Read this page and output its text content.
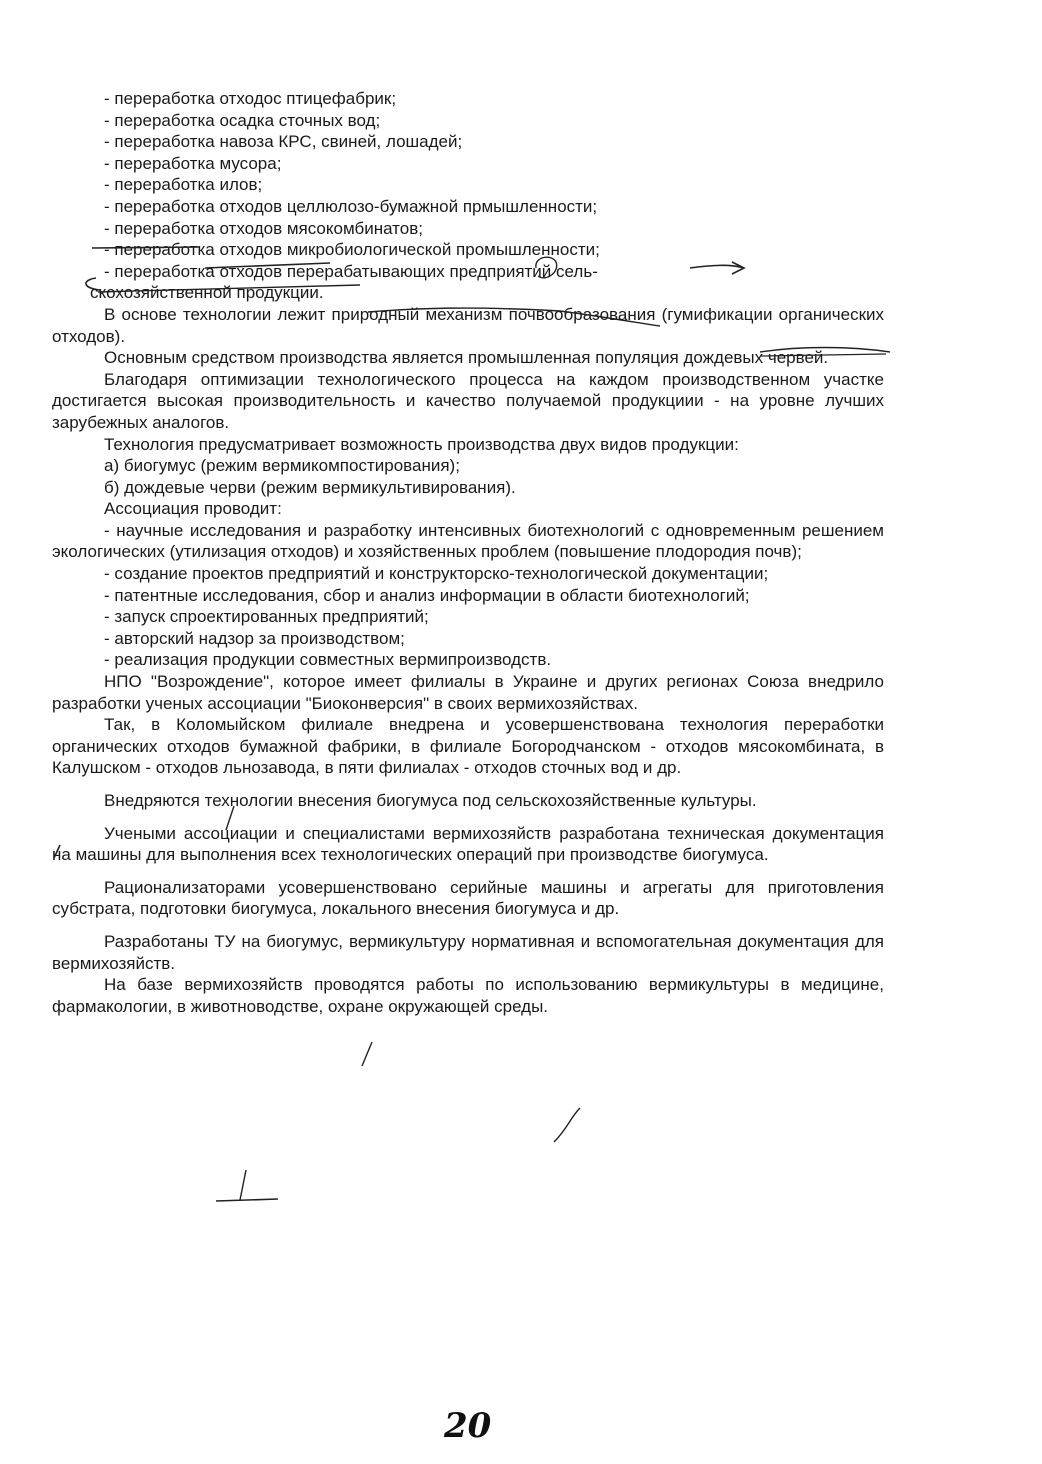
- переработка отходос птицефабрик;
- переработка осадка сточных вод;
- переработка навоза КРС, свиней, лошадей;
- переработка мусора;
- переработка илов;
- переработка отходов целлюлозо-бумажной прмышленности;
- переработка отходов мясокомбинатов;
- переработка отходов микробиологической промышленности;
- переработка отходов перерабатывающих предприятий сель-
скохозяйственной продукции.

В основе технологии лежит природный механизм почвообразования (гумификации органических отходов).

Основным средством производства является промышленная популяция дождевых червей.

Благодаря оптимизации технологического процесса на каждом производственном участке достигается высокая производительность и качество получаемой продукциии - на уровне лучших зарубежных аналогов.

Технология предусматривает возможность производства двух видов продукции:

а) биогумус (режим вермикомпостирования);
б) дождевые черви (режим вермикультивирования).

Ассоциация проводит:

- научные исследования и разработку интенсивных биотехнологий с одновременным решением экологических (утилизация отходов) и хозяйственных проблем (повышение плодородия почв);

- создание проектов предприятий и конструкторско-технологической документации;

- патентные исследования, сбор и анализ информации в области биотехнологий;

- запуск спроектированных предприятий;
- авторский надзор за производством;
- реализация продукции совместных вермипроизводств.

НПО "Возрождение", которое имеет филиалы в Украине и других регионах Союза внедрило разработки ученых ассоциации "Биоконверсия" в своих вермихозяйствах.

Так, в Коломыйском филиале внедрена и усовершенствована технология переработки органических отходов бумажной фабрики, в филиале Богородчанском - отходов мясокомбината, в Калушском - отходов льнозавода, в пяти филиалах - отходов сточных вод и др.

Внедряются технологии внесения биогумуса под сельскохозяйственные культуры.

Учеными ассоциации и специалистами вермихозяйств разработана техническая документация на машины для выполнения всех технологических операций при производстве биогумуса.

Рационализаторами усовершенствовано серийные машины и агрегаты для приготовления субстрата, подготовки биогумуса, локального внесения биогумуса и др.

Разработаны ТУ на биогумус, вермикультуру нормативная и вспомогательная документация для вермихозяйств.

На базе вермихозяйств проводятся работы по использованию вермикультуры в медицине, фармакологии, в животноводстве, охране окружающей среды.

20
